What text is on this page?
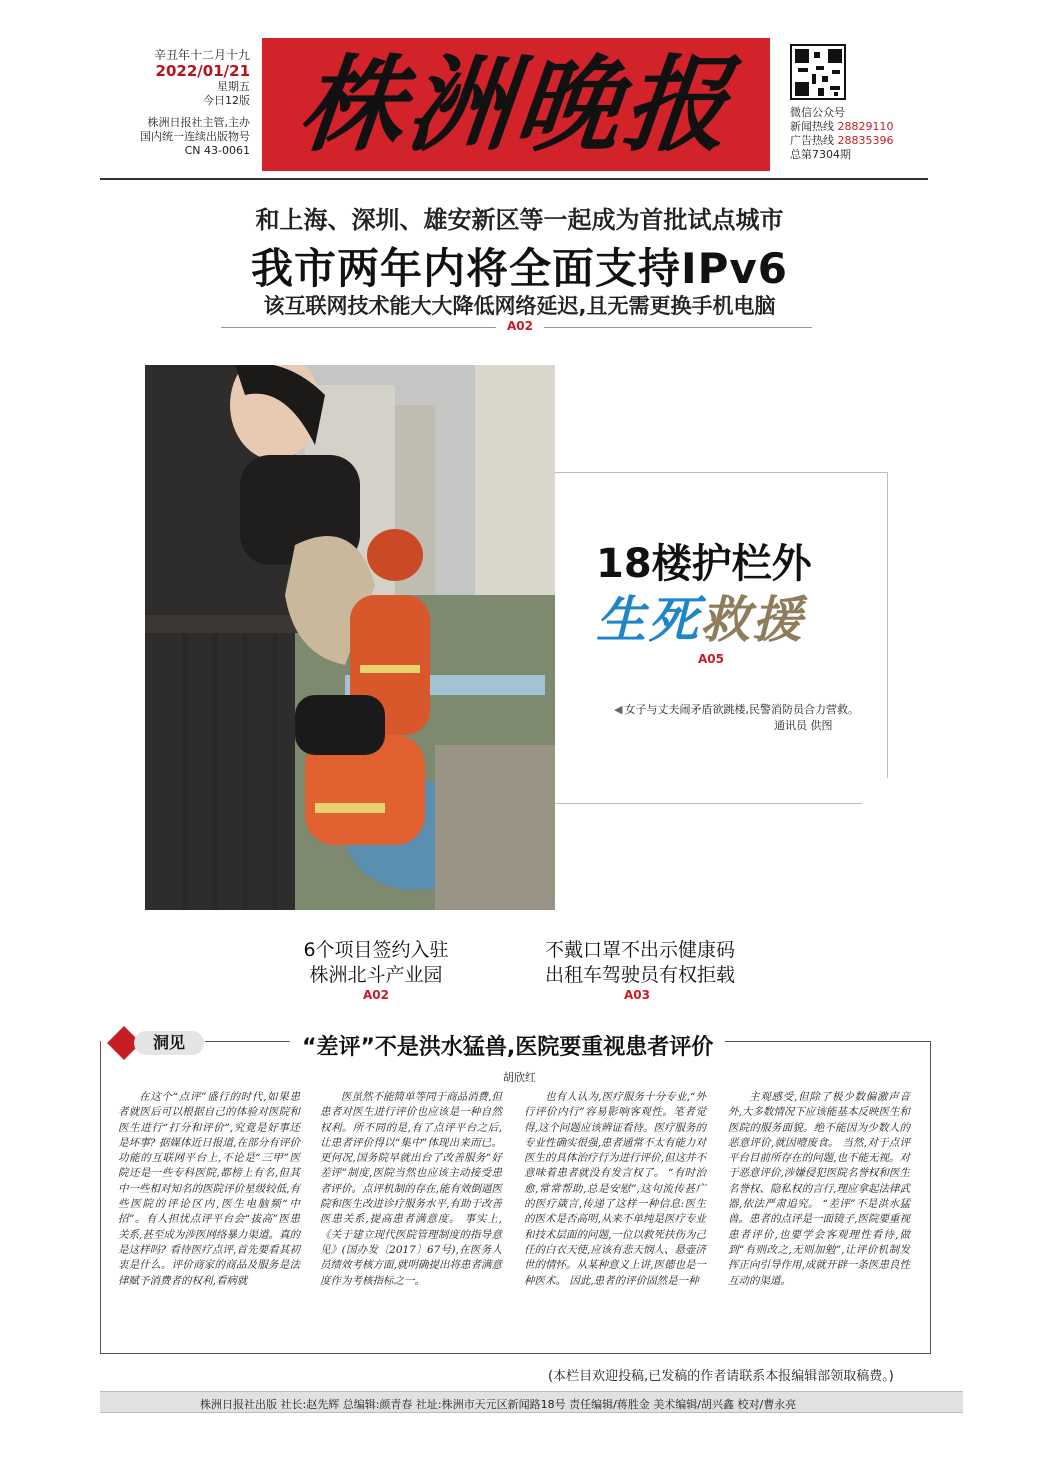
辛丑年十二月十九
2022/01/21
星期五
今日12版
株洲日报社主管,主办
国内统一连续出版物号
CN 43-0061 株洲晚报	微信公众号
新闻热线 28829110
广告热线 28835396
总第7304期
和上海、深圳、雄安新区等一起成为首批试点城市
我市两年内将全面支持IPv6
该互联网技术能大大降低网络延迟,且无需更换手机电脑
A02
18楼护栏外
生死救援
A05
◀ 女子与丈夫闹矛盾欲跳楼,民警消防员合力营救。
通讯员 供图
6个项目签约入驻
株洲北斗产业园
A02
不戴口罩不出示健康码
出租车驾驶员有权拒载
A03
洞见	“差评”不是洪水猛兽,医院要重视患者评价
胡欣红

在这个“点评”盛行的时代,如果患者就医后可以根据自己的体验对医院和医生进行“打分和评价”,究竟是好事还是坏事? 据媒体近日报道,在部分有评价功能的互联网平台上,不论是“三甲”医院还是一些专科医院,都榜上有名,但其中一些相对知名的医院评价星级较低,有些医院的评论区内,医生电脑频“中招”。有人担忧点评平台会“拔高”医患关系,甚至成为涉医网络暴力渠道。真的是这样吗? 看待医疗点评,首先要看其初衷是什么。评价商家的商品及服务是法律赋予消费者的权利,看病就

医虽然不能简单等同于商品消费,但患者对医生进行评价也应该是一种自然权利。所不同的是,有了点评平台之后,让患者评价得以“集中”体现出来而已。 更何况,国务院早就出台了改善服务“好差评”制度,医院当然也应该主动接受患者评价。点评机制的存在,能有效倒逼医院和医生改进诊疗服务水平,有助于改善医患关系,提高患者满意度。 事实上,《关于建立现代医院管理制度的指导意见》(国办发〔2017〕67号),在医务人员绩效考核方面,就明确提出将患者满意度作为考核指标之一。

也有人认为,医疗服务十分专业,“外行评价内行”容易影响客观性。笔者觉得,这个问题应该辨证看待。医疗服务的专业性确实很强,患者通常不太有能力对医生的具体治疗行为进行评价,但这并不意味着患者就没有发言权了。 “有时治愈,常常帮助,总是安慰”,这句流传甚广的医疗箴言,传递了这样一种信息:医生的医术是否高明,从来不单纯是医疗专业和技术层面的问题,一位以救死扶伤为己任的白衣天使,应该有悲天悯人、悬壶济世的情怀。从某种意义上讲,医德也是一种医术。 因此,患者的评价固然是一种

主观感受,但除了极少数偏激声音外,大多数情况下应该能基本反映医生和医院的服务面貌。绝不能因为少数人的恶意评价,就因噎废食。 当然,对于点评平台目前所存在的问题,也不能无视。对于恶意评价,涉嫌侵犯医院名誉权和医生名誉权、隐私权的言行,理应拿起法律武器,依法严肃追究。 “差评”不是洪水猛兽。患者的点评是一面镜子,医院要重视患者评价,也要学会客观理性看待,做到“有则改之,无则加勉”,让评价机制发挥正向引导作用,成就开辟一条医患良性互动的渠道。

(本栏目欢迎投稿,已发稿的作者请联系本报编辑部领取稿费。)
株洲日报社出版 社长:赵先辉 总编辑:颜青春 社址:株洲市天元区新闻路18号 责任编辑/蒋胜金 美术编辑/胡兴鑫 校对/曹永亮
